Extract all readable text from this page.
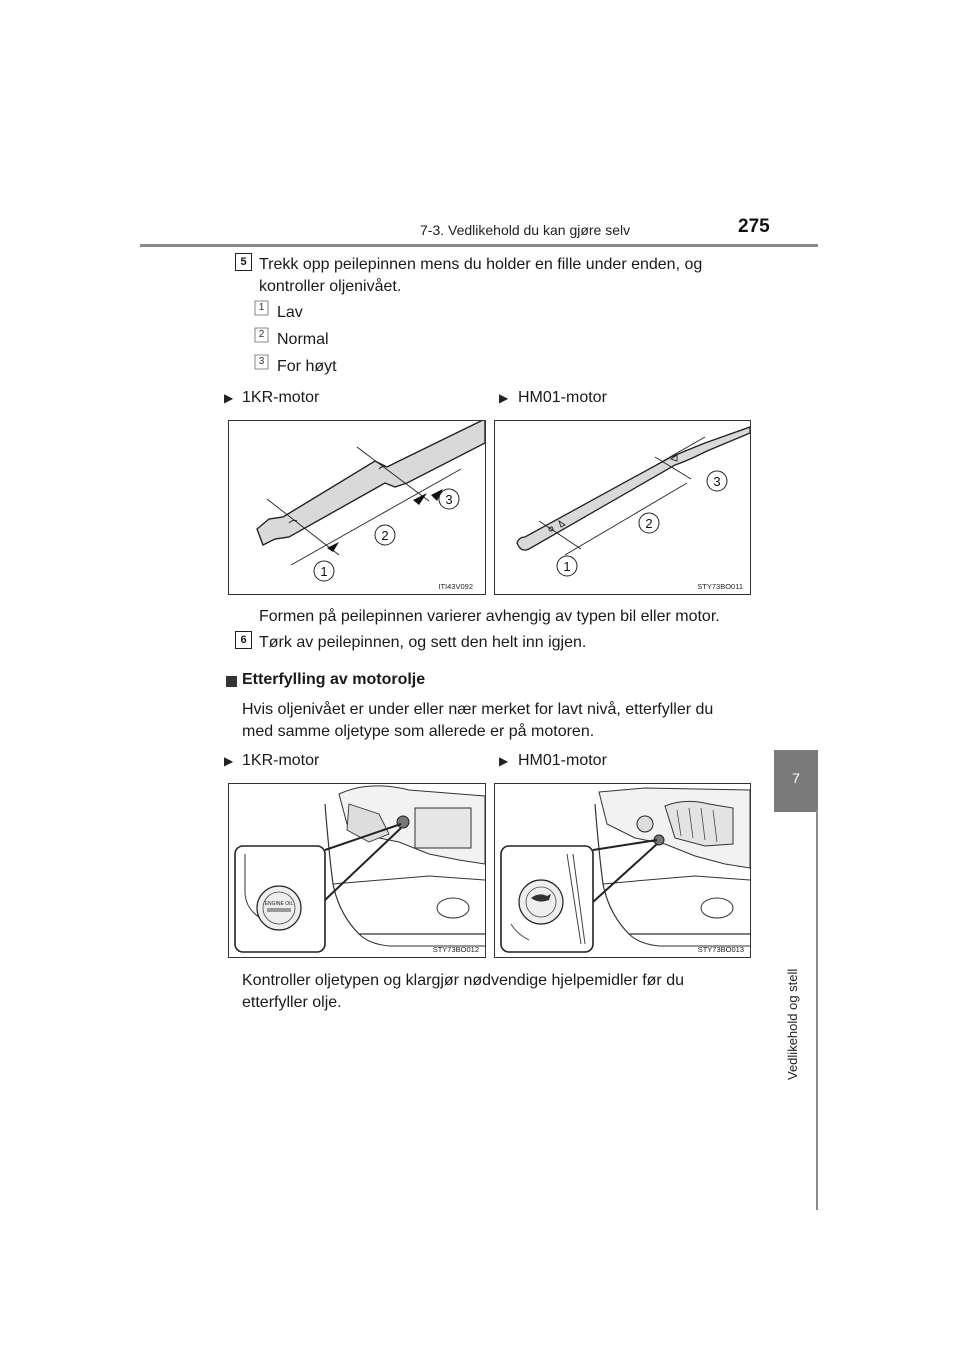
7-3. Vedlikehold du kan gjøre selv	275
7
Vedlikehold og stell
5 Trekk opp peilepinnen mens du holder en fille under enden, og
kontroller oljenivået.
1 Lav
2 Normal
3 For høyt
▶ 1KR-motor	▶ HM01-motor
1
2
3
ITI43V092
1
2
3
STY73BO011
Formen på peilepinnen varierer avhengig av typen bil eller motor.
6 Tørk av peilepinnen, og sett den helt inn igjen.
Etterfylling av motorolje
Hvis oljenivået er under eller nær merket for lavt nivå, etterfyller du
med samme oljetype som allerede er på motoren.
▶ 1KR-motor	▶ HM01-motor
ENGINE OIL
STY73BO012	STY73BO013
Kontroller oljetypen og klargjør nødvendige hjelpemidler før du
etterfyller olje.
